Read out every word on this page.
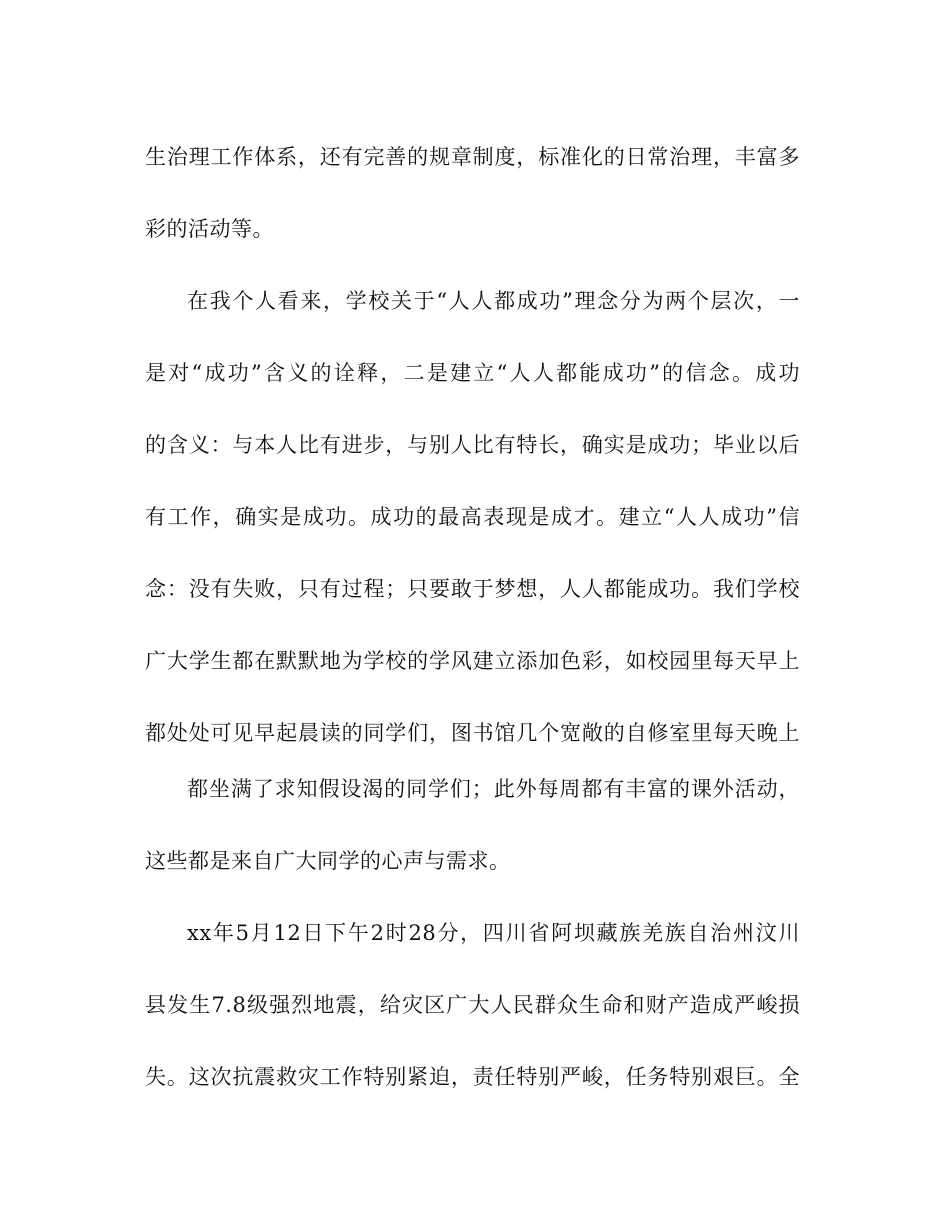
生治理工作体系，还有完善的规章制度，标准化的日常治理，丰富多

彩的活动等。

在我个人看来，学校关于“人人都成功”理念分为两个层次，一

是对“成功”含义的诠释，二是建立“人人都能成功”的信念。成功

的含义：与本人比有进步，与别人比有特长，确实是成功；毕业以后

有工作，确实是成功。成功的最高表现是成才。建立“人人成功”信

念：没有失败，只有过程；只要敢于梦想，人人都能成功。我们学校

广大学生都在默默地为学校的学风建立添加色彩，如校园里每天早上

都处处可见早起晨读的同学们，图书馆几个宽敞的自修室里每天晚上

都坐满了求知假设渴的同学们；此外每周都有丰富的课外活动，

这些都是来自广大同学的心声与需求。

xx年5月12日下午2时28分，四川省阿坝藏族羌族自治州汶川

县发生7.8级强烈地震，给灾区广大人民群众生命和财产造成严峻损

失。这次抗震救灾工作特别紧迫，责任特别严峻，任务特别艰巨。全
